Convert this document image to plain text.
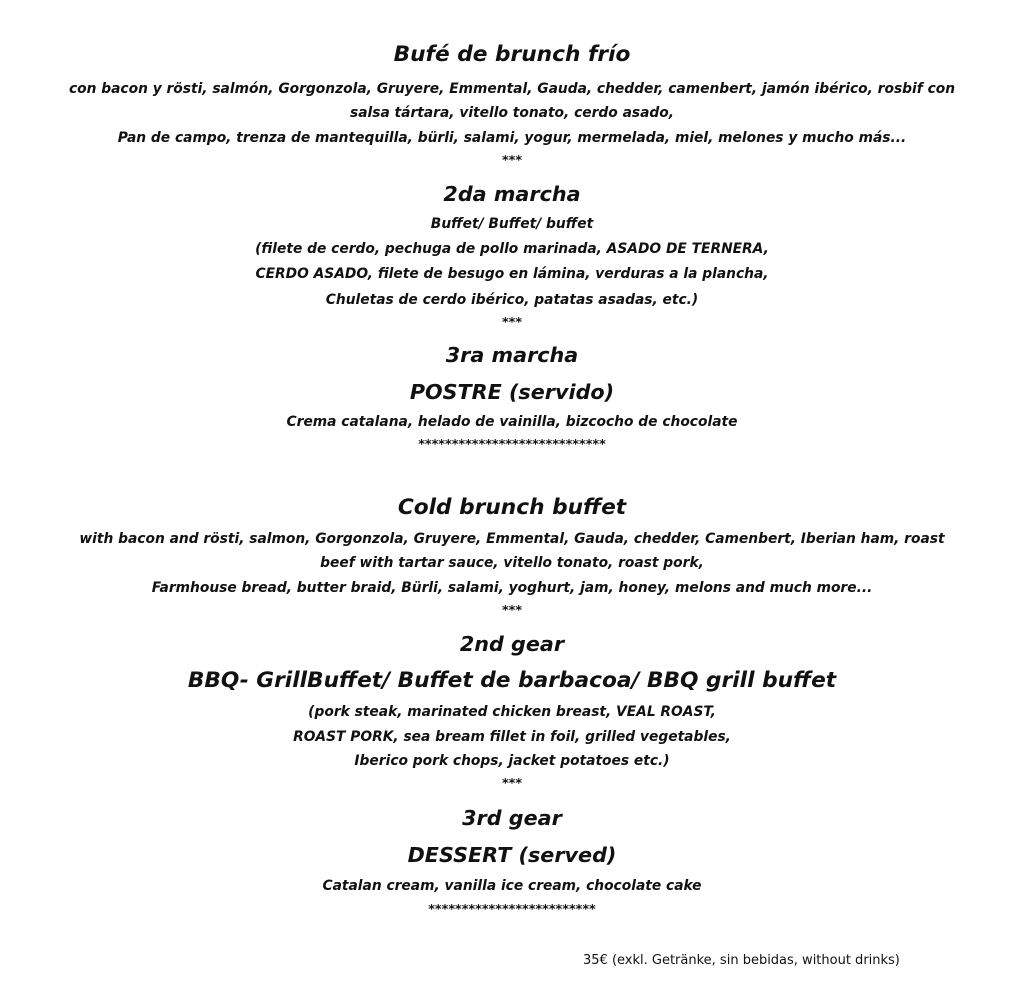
Bufé de brunch frío
con bacon y rösti, salmón, Gorgonzola, Gruyere, Emmental, Gauda, chedder, camenbert, jamón ibérico, rosbif con
salsa tártara, vitello tonato, cerdo asado,
Pan de campo, trenza de mantequilla, bürli, salami, yogur, mermelada, miel, melones y mucho más...
***
2da marcha
Buffet/ Buffet/ buffet
(filete de cerdo, pechuga de pollo marinada, ASADO DE TERNERA,
CERDO ASADO, filete de besugo en lámina, verduras a la plancha,
Chuletas de cerdo ibérico, patatas asadas, etc.)
***
3ra marcha
POSTRE (servido)
Crema catalana, helado de vainilla, bizcocho de chocolate
****************************
Cold brunch buffet
with bacon and rösti, salmon, Gorgonzola, Gruyere, Emmental, Gauda, chedder, Camenbert, Iberian ham, roast
beef with tartar sauce, vitello tonato, roast pork,
Farmhouse bread, butter braid, Bürli, salami, yoghurt, jam, honey, melons and much more...
***
2nd gear
BBQ- GrillBuffet/ Buffet de barbacoa/ BBQ grill buffet
(pork steak, marinated chicken breast, VEAL ROAST,
ROAST PORK, sea bream fillet in foil, grilled vegetables,
Iberico pork chops, jacket potatoes etc.)
***
3rd gear
DESSERT (served)
Catalan cream, vanilla ice cream, chocolate cake
*************************
35€ (exkl. Getränke, sin bebidas, without drinks)
